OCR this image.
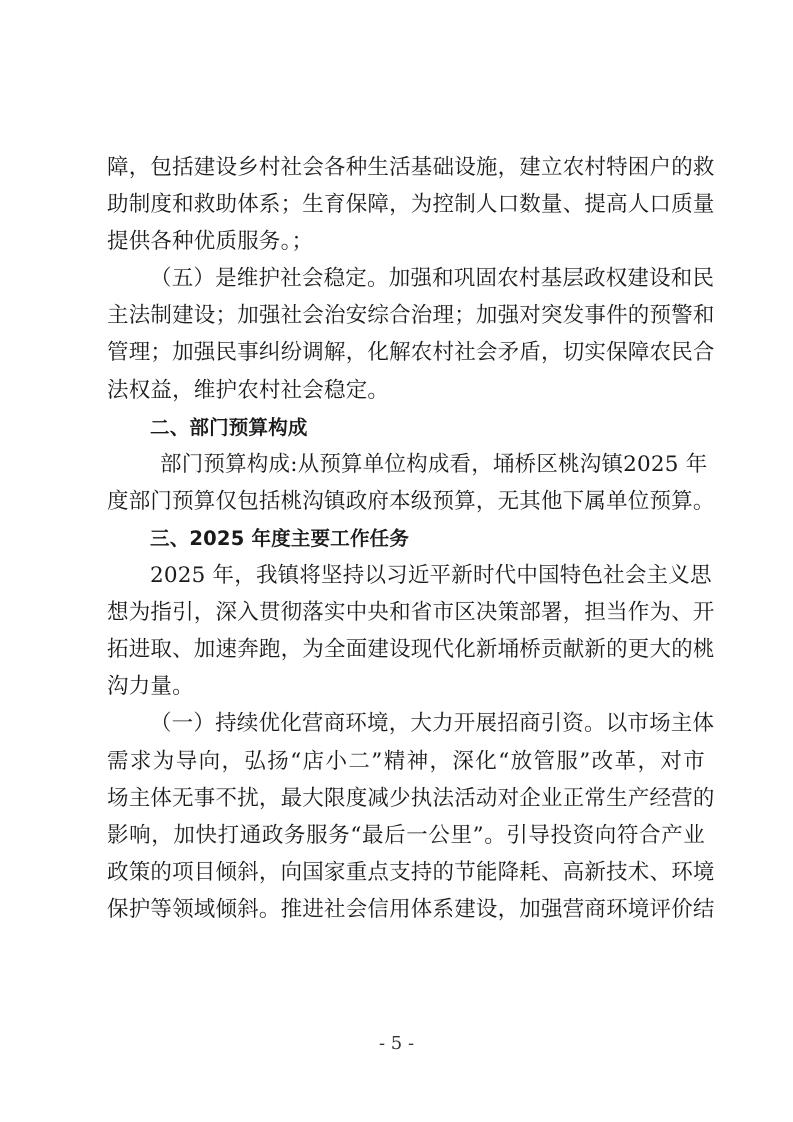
障，包括建设乡村社会各种生活基础设施，建立农村特困户的救

助制度和救助体系；生育保障，为控制人口数量、提高人口质量

提供各种优质服务。；

（五）是维护社会稳定。加强和巩固农村基层政权建设和民

主法制建设；加强社会治安综合治理；加强对突发事件的预警和

管理；加强民事纠纷调解，化解农村社会矛盾，切实保障农民合

法权益，维护农村社会稳定。

二、部门预算构成

部门预算构成:从预算单位构成看，埇桥区桃沟镇2025 年

度部门预算仅包括桃沟镇政府本级预算，无其他下属单位预算。

三、2025 年度主要工作任务

2025 年，我镇将坚持以习近平新时代中国特色社会主义思

想为指引，深入贯彻落实中央和省市区决策部署，担当作为、开

拓进取、加速奔跑，为全面建设现代化新埇桥贡献新的更大的桃

沟力量。

（一）持续优化营商环境，大力开展招商引资。以市场主体

需求为导向，弘扬“店小二”精神，深化“放管服”改革，对市

场主体无事不扰，最大限度减少执法活动对企业正常生产经营的

影响，加快打通政务服务“最后一公里”。引导投资向符合产业

政策的项目倾斜，向国家重点支持的节能降耗、高新技术、环境

保护等领域倾斜。推进社会信用体系建设，加强营商环境评价结

- 5 -
